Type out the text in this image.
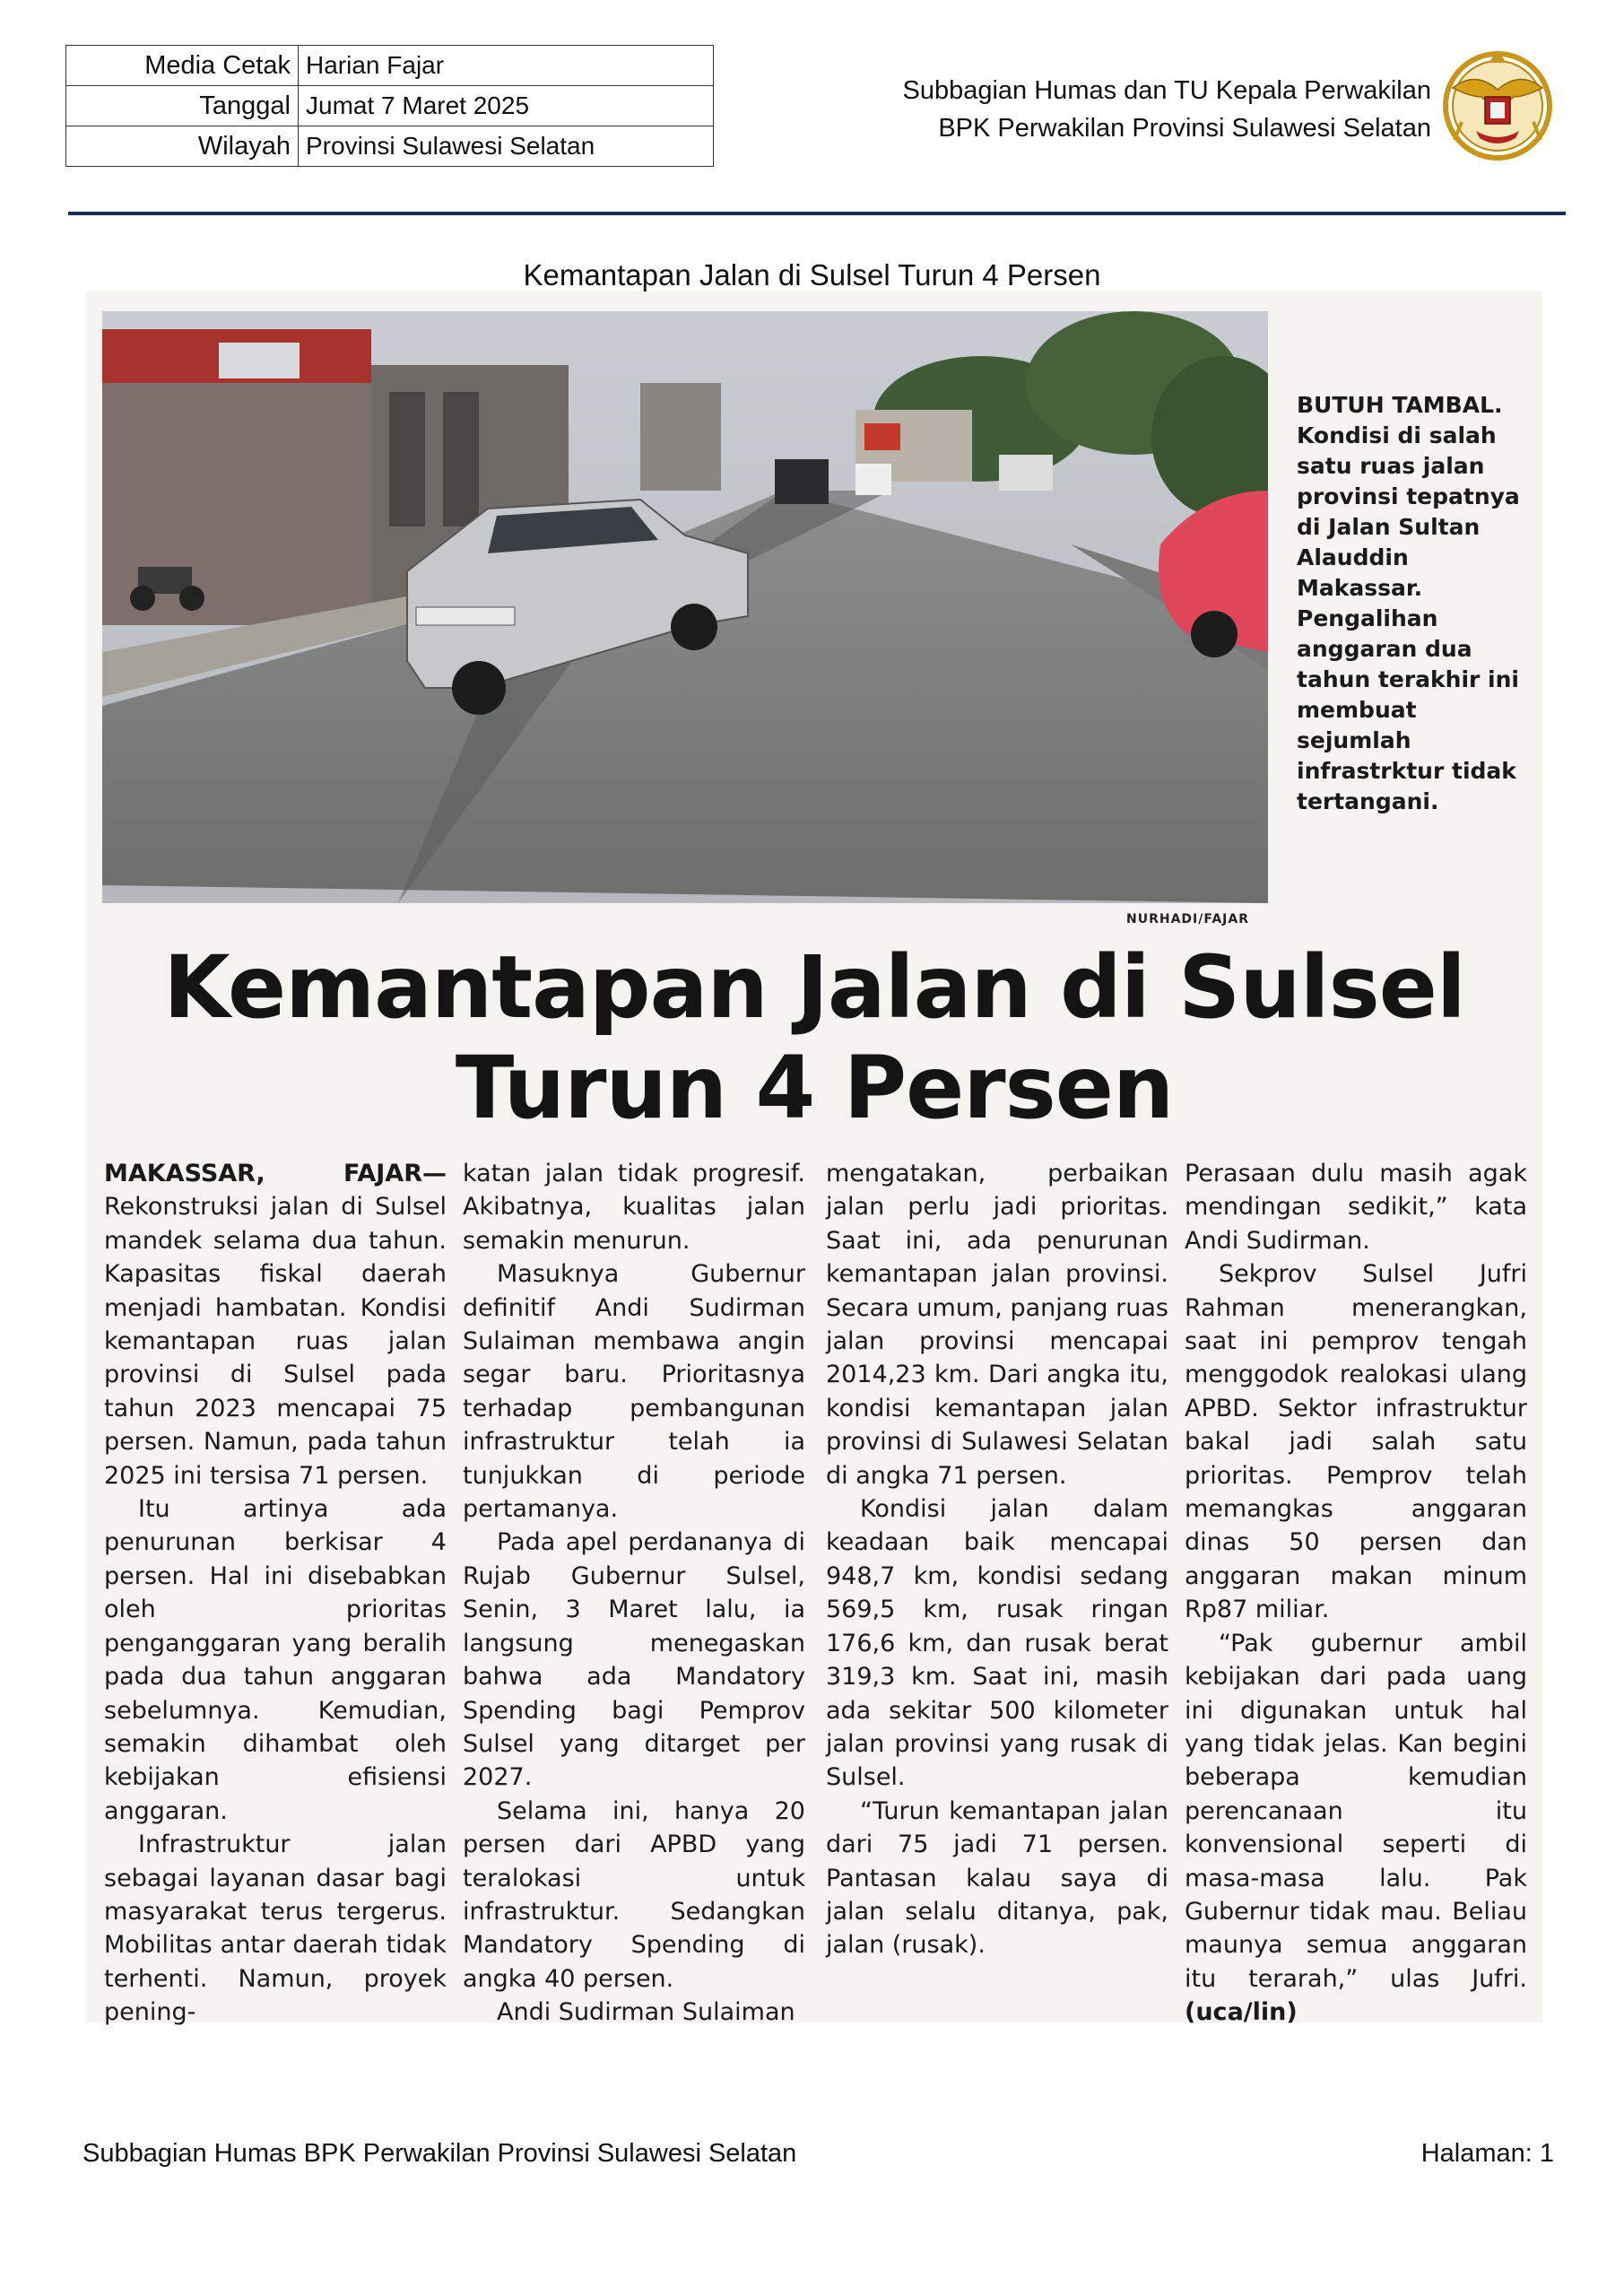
Media Cetak	Harian Fajar
Tanggal	Jumat 7 Maret 2025
Wilayah	Provinsi Sulawesi Selatan
Subbagian Humas dan TU Kepala Perwakilan
BPK Perwakilan Provinsi Sulawesi Selatan
Kemantapan Jalan di Sulsel Turun 4 Persen
BUTUH TAMBAL.
Kondisi di salah satu ruas jalan provinsi tepatnya di Jalan Sultan Alauddin Makassar. Pengalihan anggaran dua tahun terakhir ini membuat sejumlah infrastrktur tidak tertangani.
NURHADI/FAJAR
Kemantapan Jalan di Sulsel
Turun 4 Persen

MAKASSAR, FAJAR— Rekonstruksi jalan di Sulsel mandek selama dua tahun. Kapasitas fiskal daerah menjadi hambatan. Kondisi kemantapan ruas jalan provinsi di Sulsel pada tahun 2023 mencapai 75 persen. Namun, pada tahun 2025 ini tersisa 71 persen.

Itu artinya ada penurunan berkisar 4 persen. Hal ini disebabkan oleh prioritas penganggaran yang beralih pada dua tahun anggaran sebelumnya. Kemudian, semakin dihambat oleh kebijakan efisiensi anggaran.

Infrastruktur jalan sebagai layanan dasar bagi masyarakat terus tergerus. Mobilitas antar daerah tidak terhenti. Namun, proyek pening-

katan jalan tidak progresif. Akibatnya, kualitas jalan semakin menurun.

Masuknya Gubernur definitif Andi Sudirman Sulaiman membawa angin segar baru. Prioritasnya terhadap pembangunan infrastruktur telah ia tunjukkan di periode pertamanya.

Pada apel perdananya di Rujab Gubernur Sulsel, Senin, 3 Maret lalu, ia langsung menegaskan bahwa ada Mandatory Spending bagi Pemprov Sulsel yang ditarget per 2027.

Selama ini, hanya 20 persen dari APBD yang teralokasi untuk infrastruktur. Sedangkan Mandatory Spending di angka 40 persen.

Andi Sudirman Sulaiman

mengatakan, perbaikan jalan perlu jadi prioritas. Saat ini, ada penurunan kemantapan jalan provinsi. Secara umum, panjang ruas jalan provinsi mencapai 2014,23 km. Dari angka itu, kondisi kemantapan jalan provinsi di Sulawesi Selatan di angka 71 persen.

Kondisi jalan dalam keadaan baik mencapai 948,7 km, kondisi sedang 569,5 km, rusak ringan 176,6 km, dan rusak berat 319,3 km. Saat ini, masih ada sekitar 500 kilometer jalan provinsi yang rusak di Sulsel.

“Turun kemantapan jalan dari 75 jadi 71 persen. Pantasan kalau saya di jalan selalu ditanya, pak, jalan (rusak).

Perasaan dulu masih agak mendingan sedikit,” kata Andi Sudirman.

Sekprov Sulsel Jufri Rahman menerangkan, saat ini pemprov tengah menggodok realokasi ulang APBD. Sektor infrastruktur bakal jadi salah satu prioritas. Pemprov telah memangkas anggaran dinas 50 persen dan anggaran makan minum Rp87 miliar.

“Pak gubernur ambil kebijakan dari pada uang ini digunakan untuk hal yang tidak jelas. Kan begini beberapa kemudian perencanaan itu konvensional seperti di masa-masa lalu. Pak Gubernur tidak mau. Beliau maunya semua anggaran itu terarah,” ulas Jufri.(uca/lin)

Subbagian Humas BPK Perwakilan Provinsi Sulawesi Selatan	Halaman: 1
